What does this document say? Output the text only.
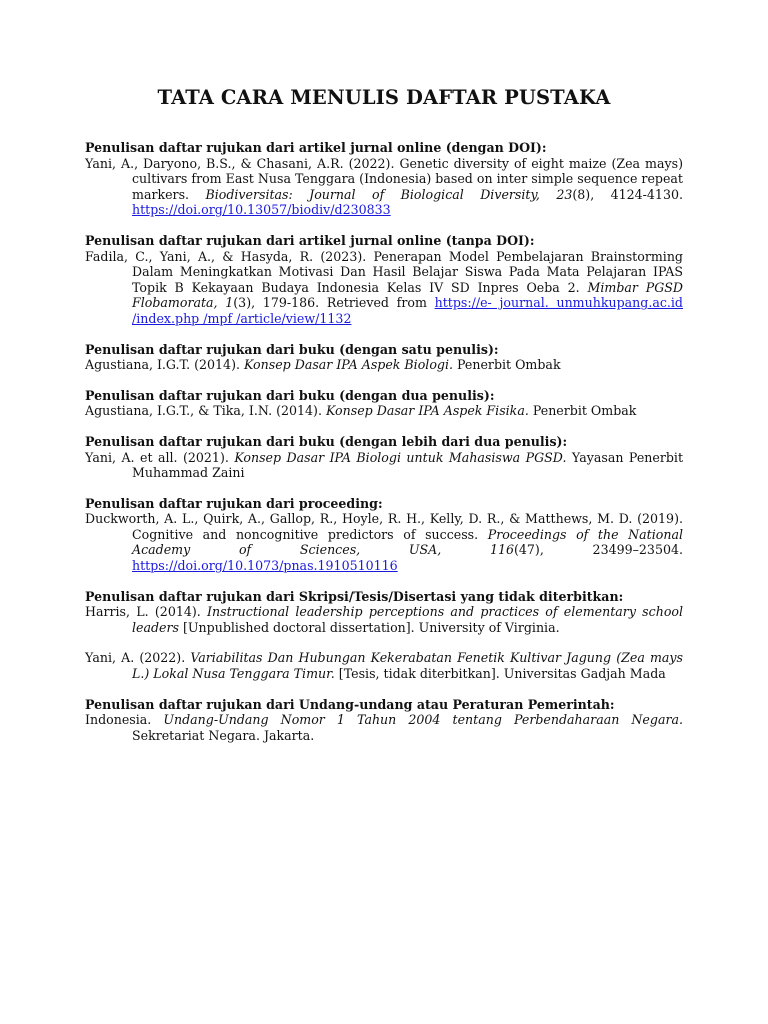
TATA CARA MENULIS DAFTAR PUSTAKA
Penulisan daftar rujukan dari artikel jurnal online (dengan DOI):
Yani, A., Daryono, B.S., & Chasani, A.R. (2022). Genetic diversity of eight maize (Zea mays) cultivars from East Nusa Tenggara (Indonesia) based on inter simple sequence repeat markers. Biodiversitas: Journal of Biological Diversity, 23(8), 4124-4130. https://doi.org/10.13057/biodiv/d230833
Penulisan daftar rujukan dari artikel jurnal online (tanpa DOI):
Fadila, C., Yani, A., & Hasyda, R. (2023). Penerapan Model Pembelajaran Brainstorming Dalam Meningkatkan Motivasi Dan Hasil Belajar Siswa Pada Mata Pelajaran IPAS Topik B Kekayaan Budaya Indonesia Kelas IV SD Inpres Oeba 2. Mimbar PGSD Flobamorata, 1(3), 179-186. Retrieved from https://e- journal. unmuhkupang.ac.id /index.php /mpf /article/view/1132
Penulisan daftar rujukan dari buku (dengan satu penulis):
Agustiana, I.G.T. (2014). Konsep Dasar IPA Aspek Biologi. Penerbit Ombak
Penulisan daftar rujukan dari buku (dengan dua penulis):
Agustiana, I.G.T., & Tika, I.N. (2014). Konsep Dasar IPA Aspek Fisika. Penerbit Ombak
Penulisan daftar rujukan dari buku (dengan lebih dari dua penulis):
Yani, A. et all. (2021). Konsep Dasar IPA Biologi untuk Mahasiswa PGSD. Yayasan Penerbit Muhammad Zaini
Penulisan daftar rujukan dari proceeding:
Duckworth, A. L., Quirk, A., Gallop, R., Hoyle, R. H., Kelly, D. R., & Matthews, M. D. (2019). Cognitive and noncognitive predictors of success. Proceedings of the National Academy of Sciences, USA, 116(47), 23499–23504. https://doi.org/10.1073/pnas.1910510116
Penulisan daftar rujukan dari Skripsi/Tesis/Disertasi yang tidak diterbitkan:
Harris, L. (2014). Instructional leadership perceptions and practices of elementary school leaders [Unpublished doctoral dissertation]. University of Virginia.
Yani, A. (2022). Variabilitas Dan Hubungan Kekerabatan Fenetik Kultivar Jagung (Zea mays L.) Lokal Nusa Tenggara Timur. [Tesis, tidak diterbitkan]. Universitas Gadjah Mada
Penulisan daftar rujukan dari Undang-undang atau Peraturan Pemerintah:
Indonesia. Undang-Undang Nomor 1 Tahun 2004 tentang Perbendaharaan Negara. Sekretariat Negara. Jakarta.
